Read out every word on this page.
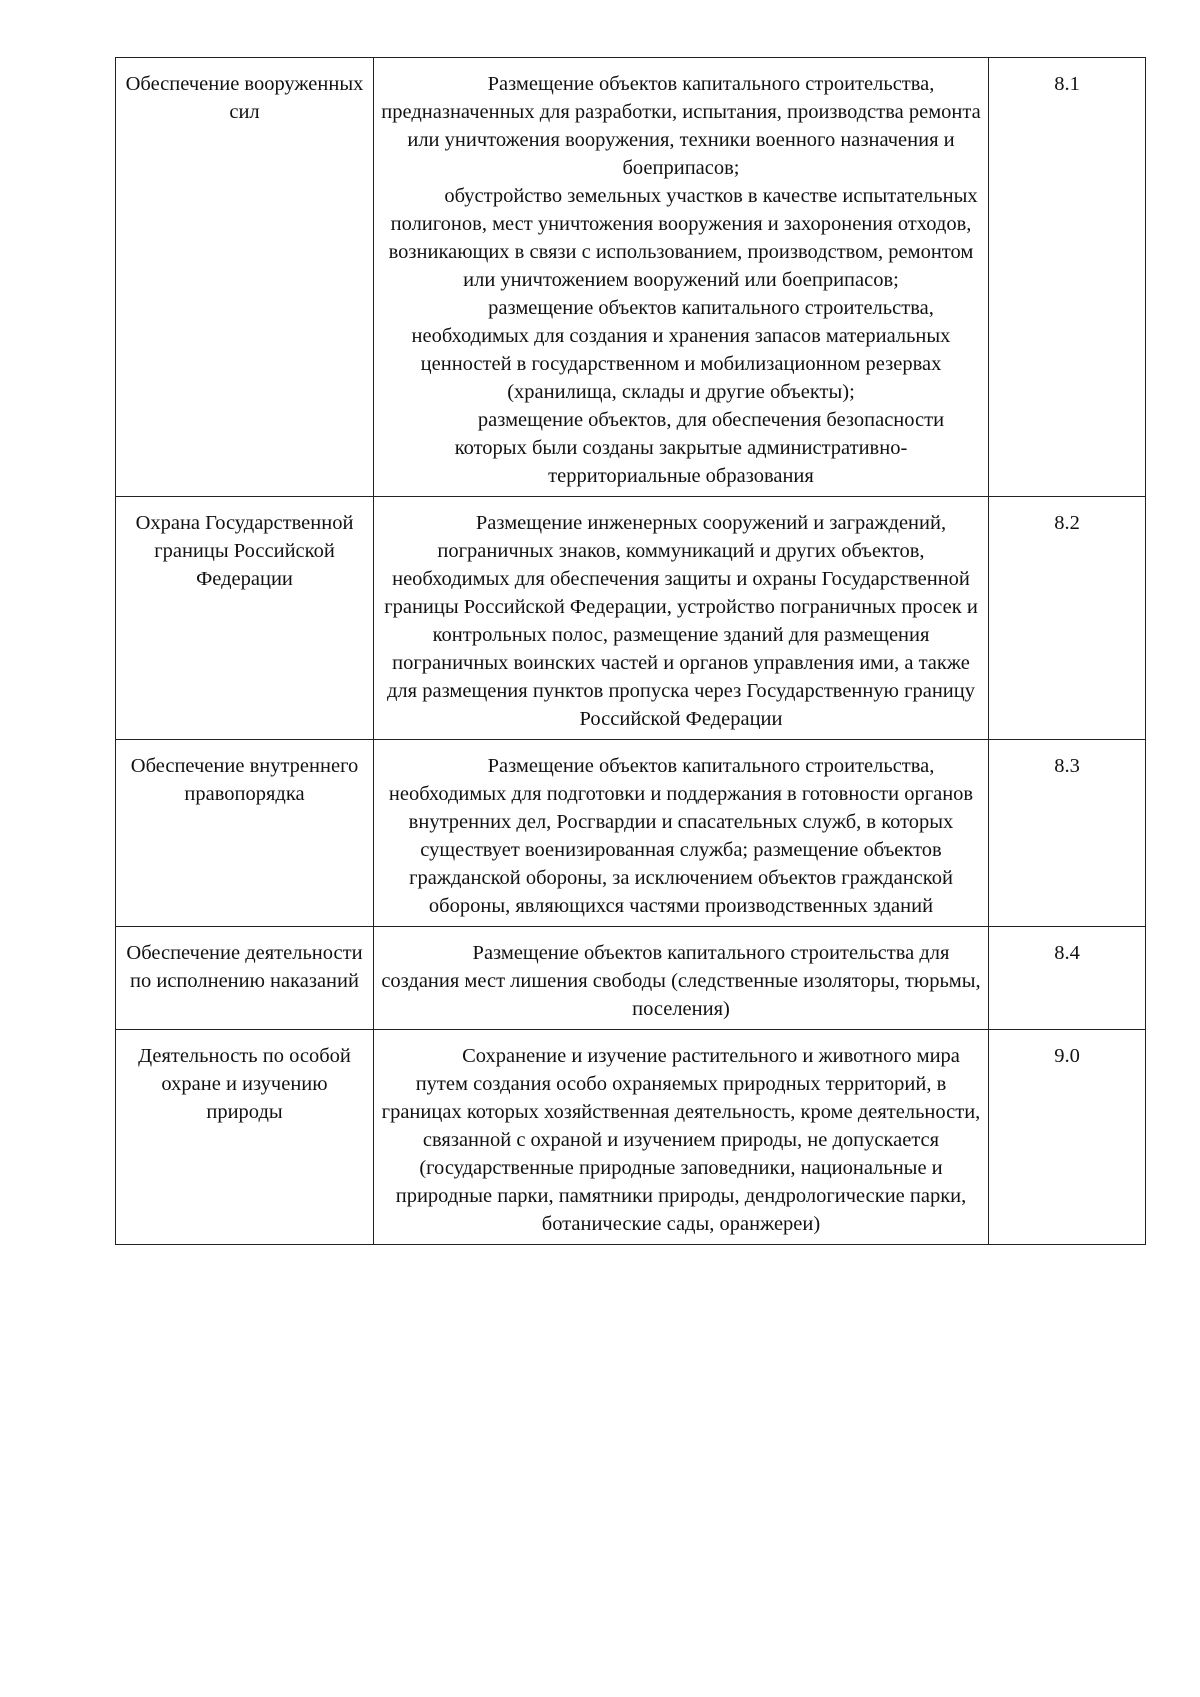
Обеспечение вооруженных сил	Размещение объектов капитального строительства, предназначенных для разработки, испытания, производства ремонта или уничтожения вооружения, техники военного назначения и боеприпасов;
обустройство земельных участков в качестве испытательных полигонов, мест уничтожения вооружения и захоронения отходов, возникающих в связи с использованием, производством, ремонтом или уничтожением вооружений или боеприпасов;
размещение объектов капитального строительства, необходимых для создания и хранения запасов материальных ценностей в государственном и мобилизационном резервах (хранилища, склады и другие объекты);
размещение объектов, для обеспечения безопасности которых были созданы закрытые административно-территориальные образования	8.1
Охрана Государственной границы Российской Федерации	Размещение инженерных сооружений и заграждений, пограничных знаков, коммуникаций и других объектов, необходимых для обеспечения защиты и охраны Государственной границы Российской Федерации, устройство пограничных просек и контрольных полос, размещение зданий для размещения пограничных воинских частей и органов управления ими, а также для размещения пунктов пропуска через Государственную границу Российской Федерации	8.2
Обеспечение внутреннего правопорядка	Размещение объектов капитального строительства, необходимых для подготовки и поддержания в готовности органов внутренних дел, Росгвардии и спасательных служб, в которых существует военизированная служба; размещение объектов гражданской обороны, за исключением объектов гражданской обороны, являющихся частями производственных зданий	8.3
Обеспечение деятельности по исполнению наказаний	Размещение объектов капитального строительства для создания мест лишения свободы (следственные изоляторы, тюрьмы, поселения)	8.4
Деятельность по особой охране и изучению природы	Сохранение и изучение растительного и животного мира путем создания особо охраняемых природных территорий, в границах которых хозяйственная деятельность, кроме деятельности, связанной с охраной и изучением природы, не допускается (государственные природные заповедники, национальные и природные парки, памятники природы, дендрологические парки, ботанические сады, оранжереи)	9.0
